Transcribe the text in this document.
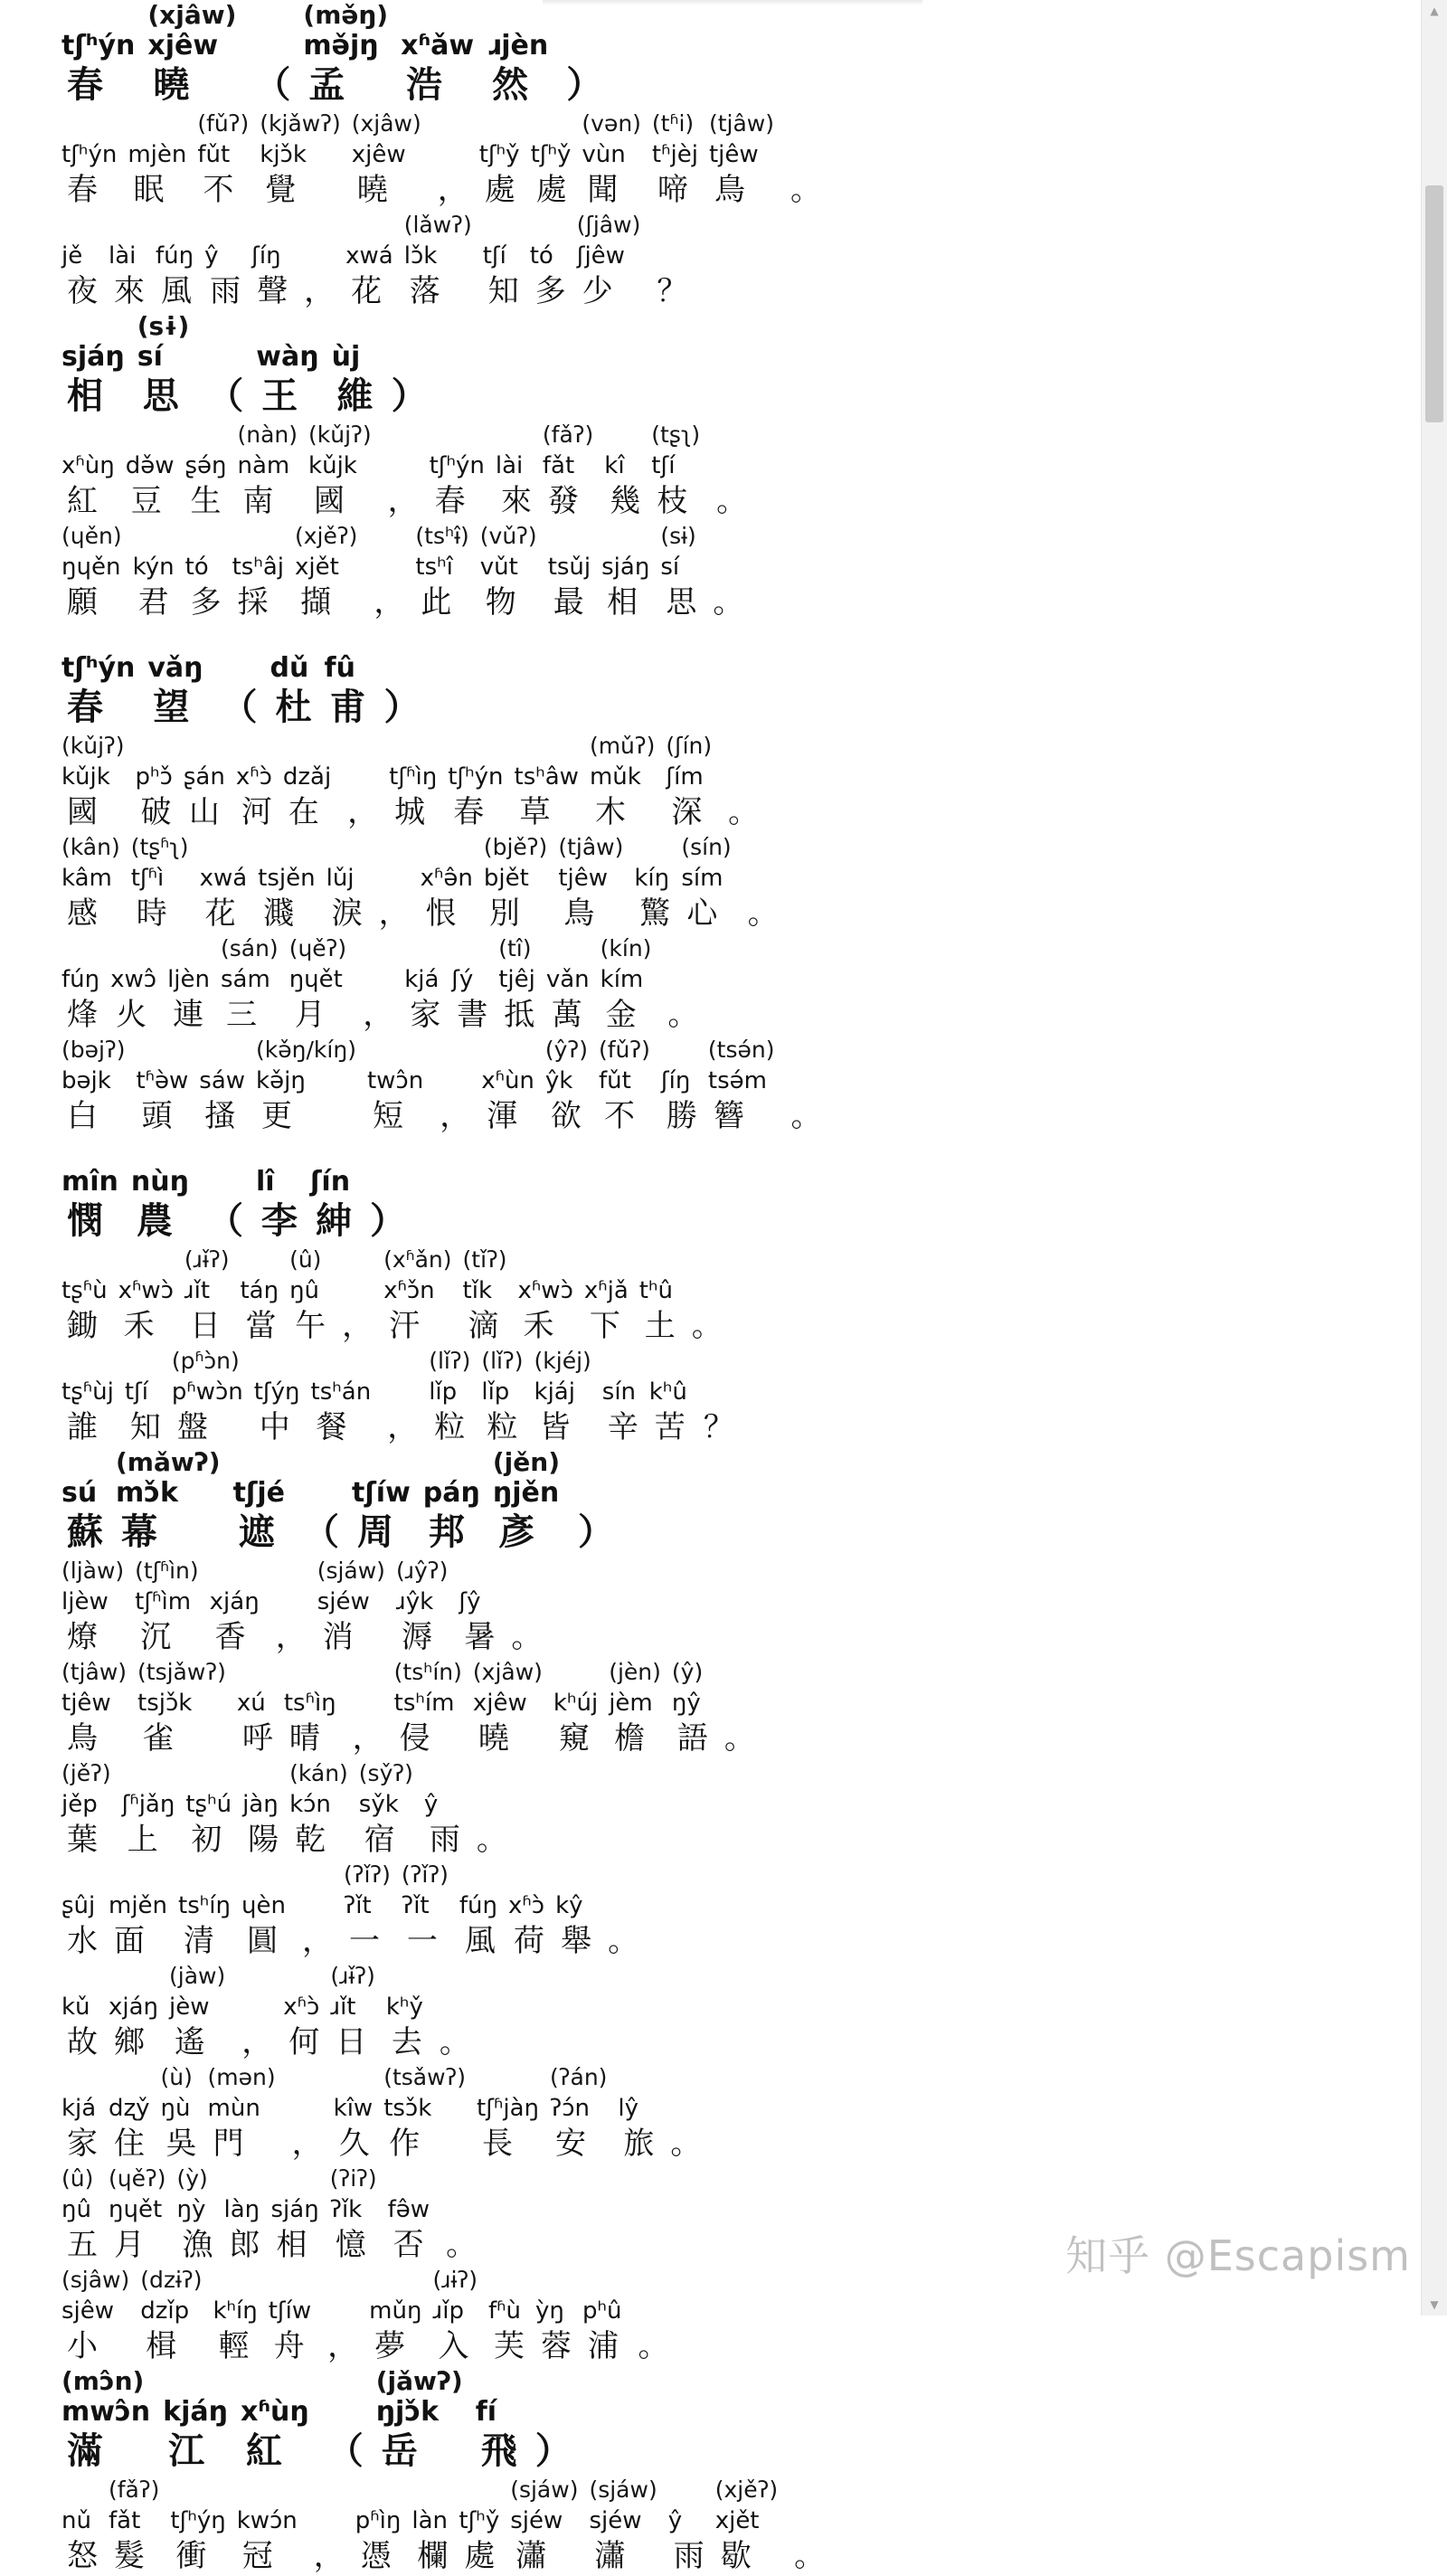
tʃʰýn
春
(xjâw)
xjêw
曉 （
(mə̌ŋ)
mə̌jŋ
孟
xʱǎw
浩
ɹjèn
然 ）
tʃʰýn
春
mjèn
眠
(fǔʔ)
fǔt
不
(kjǎwʔ)
kjɔ̌k
覺
(xjâw)
xjêw
曉 ，
tʃʰy̌
處
tʃʰy̌
處
(vən)
vùn
聞
(tʱi)
tʱjèj
啼
(tjâw)
tjêw
鳥 。
jě
夜
lài
來
fúŋ
風
ŷ
雨
ʃíŋ
聲 ，
xwá
花
(lǎwʔ)
lɔ̌k
落
tʃí
知
tó
多
(ʃjâw)
ʃjêw
少 ？
sjáŋ
相
(sɨ)
sí
思 （
wàŋ
王
ùj
維 ）
xʱùŋ
紅
də̌w
豆
ʂə́ŋ
生
(nàn)
nàm
南
(kǔjʔ)
kǔjk
國 ，
tʃʰýn
春
lài
來
(fǎʔ)
fǎt
發
kî
幾
(tʂʅ)
tʃí
枝 。
(ɥěn)
ŋɥěn
願
kýn
君
tó
多
tsʰâj
採
(xjěʔ)
xjět
擷 ，
(tsʰɨ̂)
tsʰî
此
(vǔʔ)
vǔt
物
tsǔj
最
sjáŋ
相
(sɨ)
sí
思 。
tʃʰýn
春
vǎŋ
望 （
dǔ
杜
fû
甫 ）
(kǔjʔ)
kǔjk
國
pʰɔ̌
破
ʂán
山
xʱɔ̀
河
dzǎj
在 ，
tʃʱìŋ
城
tʃʰýn
春
tsʰâw
草
(mǔʔ)
mǔk
木
(ʃín)
ʃím
深 。
(kân)
kâm
感
(tʂʱʅ)
tʃʱì
時
xwá
花
tsjěn
濺
lǔj
淚 ，
xʱə̂n
恨
(bjěʔ)
bjět
別
(tjâw)
tjêw
鳥
kíŋ
驚
(sín)
sím
心 。
fúŋ
烽
xwɔ̂
火
ljèn
連
(sán)
sám
三
(ɥěʔ)
ŋɥět
月 ，
kjá
家
ʃý
書
(tî)
tjêj
抵
vǎn
萬
(kín)
kím
金 。
(bǝjʔ)
bǝjk
白
tʱə̀w
頭
sáw
搔
(kə̌ŋ/kíŋ)
kə̌jŋ
更
twɔ̂n
短 ，
xʱùn
渾
(ŷʔ)
ŷk
欲
(fǔʔ)
fǔt
不
ʃíŋ
勝
(tsə́n)
tsə́m
簪 。
mîn
憫
nùŋ
農 （
lî
李
ʃín
紳 ）
tʂʱù
鋤
xʱwɔ̀
禾
(ɹɨ̌ʔ)
ɹǐt
日
táŋ
當
(û)
ŋû
午 ，
(xʱǎn)
xʱɔ̌n
汗
(tǐʔ)
tǐk
滴
xʱwɔ̀
禾
xʱjǎ
下
tʰû
土 。
tʂʱùj
誰
tʃí
知
(pʱɔ̀n)
pʱwɔ̀n
盤
tʃýŋ
中
tsʰán
餐 ，
(lǐʔ)
lǐp
粒
(lǐʔ)
lǐp
粒
(kjéj)
kjáj
皆
sín
辛
kʰû
苦 ？
sú
蘇
(mǎwʔ)
mɔ̌k
幕
tʃjé
遮 （
tʃíw
周
páŋ
邦
(jěn)
ŋjěn
彥 ）
(ljàw)
ljèw
燎
(tʃʱìn)
tʃʱìm
沉
xjáŋ
香 ，
(sjáw)
sjéw
消
(ɹŷʔ)
ɹŷk
溽
ʃŷ
暑 。
(tjâw)
tjêw
鳥
(tsjǎwʔ)
tsjɔ̌k
雀
xú
呼
tsʱìŋ
晴 ，
(tsʰín)
tsʰím
侵
(xjâw)
xjêw
曉
kʰúj
窺
(jèn)
jèm
檐
(ŷ)
ŋŷ
語 。
(jěʔ)
jěp
葉
ʃʱjǎŋ
上
tʂʰú
初
jàŋ
陽
(kán)
kɔ́n
乾
(sy̌ʔ)
sy̌k
宿
ŷ
雨 。
ʂûj
水
mjěn
面
tsʰíŋ
清
ɥèn
圓 ，
(ʔǐʔ)
ʔǐt
一
(ʔǐʔ)
ʔǐt
一
fúŋ
風
xʱɔ̀
荷
kŷ
舉 。
kǔ
故
xjáŋ
鄉
(jàw)
jèw
遙 ，
xʱɔ̀
何
(ɹɨ̌ʔ)
ɹǐt
日
kʰy̌
去 。
kjá
家
dʐy̌
住
(ù)
ŋù
吳
(mən)
mùn
門 ，
kîw
久
(tsǎwʔ)
tsɔ̌k
作
tʃʱjàŋ
長
(ʔán)
ʔɔ́n
安
lŷ
旅 。
(û)
ŋû
五
(ɥěʔ)
ŋɥět
月
(ỳ)
ŋỳ
漁
làŋ
郎
sjáŋ
相
(ʔiʔ)
ʔǐk
憶
fə̂w
否 。
(sjâw)
sjêw
小
(dzɨʔ)
dzǐp
楫
kʰíŋ
輕
tʃíw
舟 ，
mǔŋ
夢
(ɹɨʔ)
ɹǐp
入
fʱù
芙
ỳŋ
蓉
pʰû
浦 。
(mɔ̂n)
mwɔ̂n
滿
kjáŋ
江
xʱùŋ
紅 （
(jǎwʔ)
ŋjɔ̌k
岳
fí
飛 ）
nǔ
怒
(fǎʔ)
fǎt
髮
tʃʰýŋ
衝
kwɔ́n
冠 ，
pʱìŋ
憑
làn
欄
tʃʰy̌
處
(sjáw)
sjéw
瀟
(sjáw)
sjéw
瀟
ŷ
雨
(xjěʔ)
xjět
歇 。
▲
▼
知乎 @Escapism
